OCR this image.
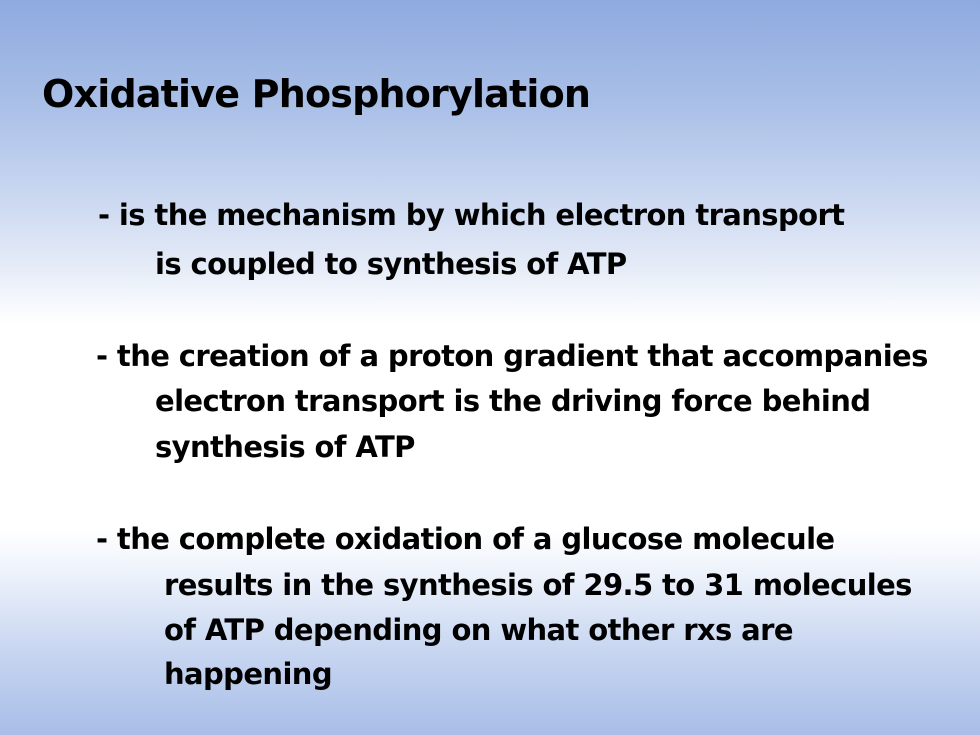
Oxidative Phosphorylation

- is the mechanism by which electron transport

is coupled to synthesis of ATP

- the creation of a proton gradient that accompanies

electron transport is the driving force behind

synthesis of ATP

- the complete oxidation of a glucose molecule

results in the synthesis of 29.5 to 31 molecules

of ATP depending on what other rxs are

happening
